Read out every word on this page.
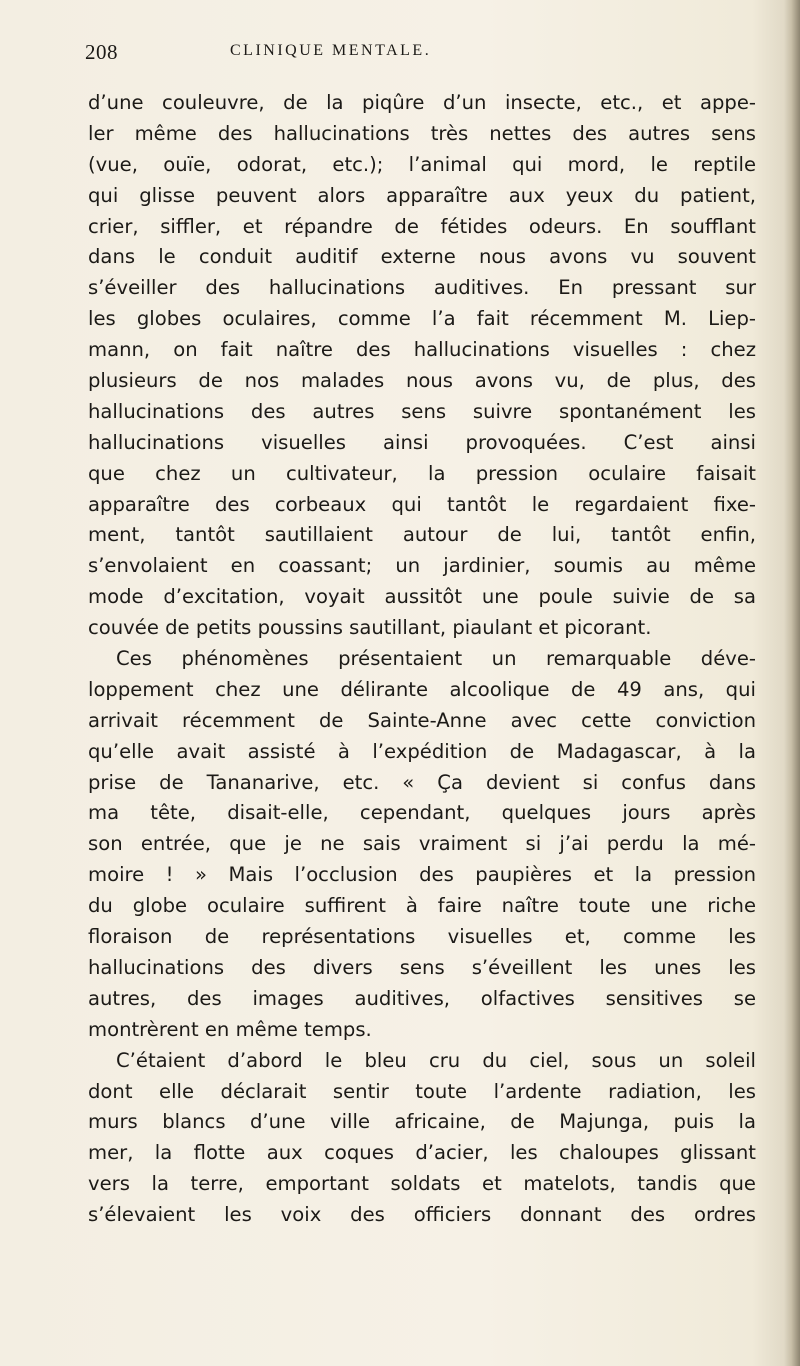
208	CLINIQUE MENTALE.
d’une couleuvre, de la piqûre d’un insecte, etc., et appe-
ler même des hallucinations très nettes des autres sens
(vue, ouïe, odorat, etc.); l’animal qui mord, le reptile
qui glisse peuvent alors apparaître aux yeux du patient,
crier, siffler, et répandre de fétides odeurs. En soufflant
dans le conduit auditif externe nous avons vu souvent
s’éveiller des hallucinations auditives. En pressant sur
les globes oculaires, comme l’a fait récemment M. Liep-
mann, on fait naître des hallucinations visuelles : chez
plusieurs de nos malades nous avons vu, de plus, des
hallucinations des autres sens suivre spontanément les
hallucinations visuelles ainsi provoquées. C’est ainsi
que chez un cultivateur, la pression oculaire faisait
apparaître des corbeaux qui tantôt le regardaient fixe-
ment, tantôt sautillaient autour de lui, tantôt enfin,
s’envolaient en coassant; un jardinier, soumis au même
mode d’excitation, voyait aussitôt une poule suivie de sa
couvée de petits poussins sautillant, piaulant et picorant.
Ces phénomènes présentaient un remarquable déve-
loppement chez une délirante alcoolique de 49 ans, qui
arrivait récemment de Sainte-Anne avec cette conviction
qu’elle avait assisté à l’expédition de Madagascar, à la
prise de Tananarive, etc. « Ça devient si confus dans
ma tête, disait-elle, cependant, quelques jours après
son entrée, que je ne sais vraiment si j’ai perdu la mé-
moire ! » Mais l’occlusion des paupières et la pression
du globe oculaire suffirent à faire naître toute une riche
floraison de représentations visuelles et, comme les
hallucinations des divers sens s’éveillent les unes les
autres, des images auditives, olfactives sensitives se
montrèrent en même temps.
C’étaient d’abord le bleu cru du ciel, sous un soleil
dont elle déclarait sentir toute l’ardente radiation, les
murs blancs d’une ville africaine, de Majunga, puis la
mer, la flotte aux coques d’acier, les chaloupes glissant
vers la terre, emportant soldats et matelots, tandis que
s’élevaient les voix des officiers donnant des ordres
